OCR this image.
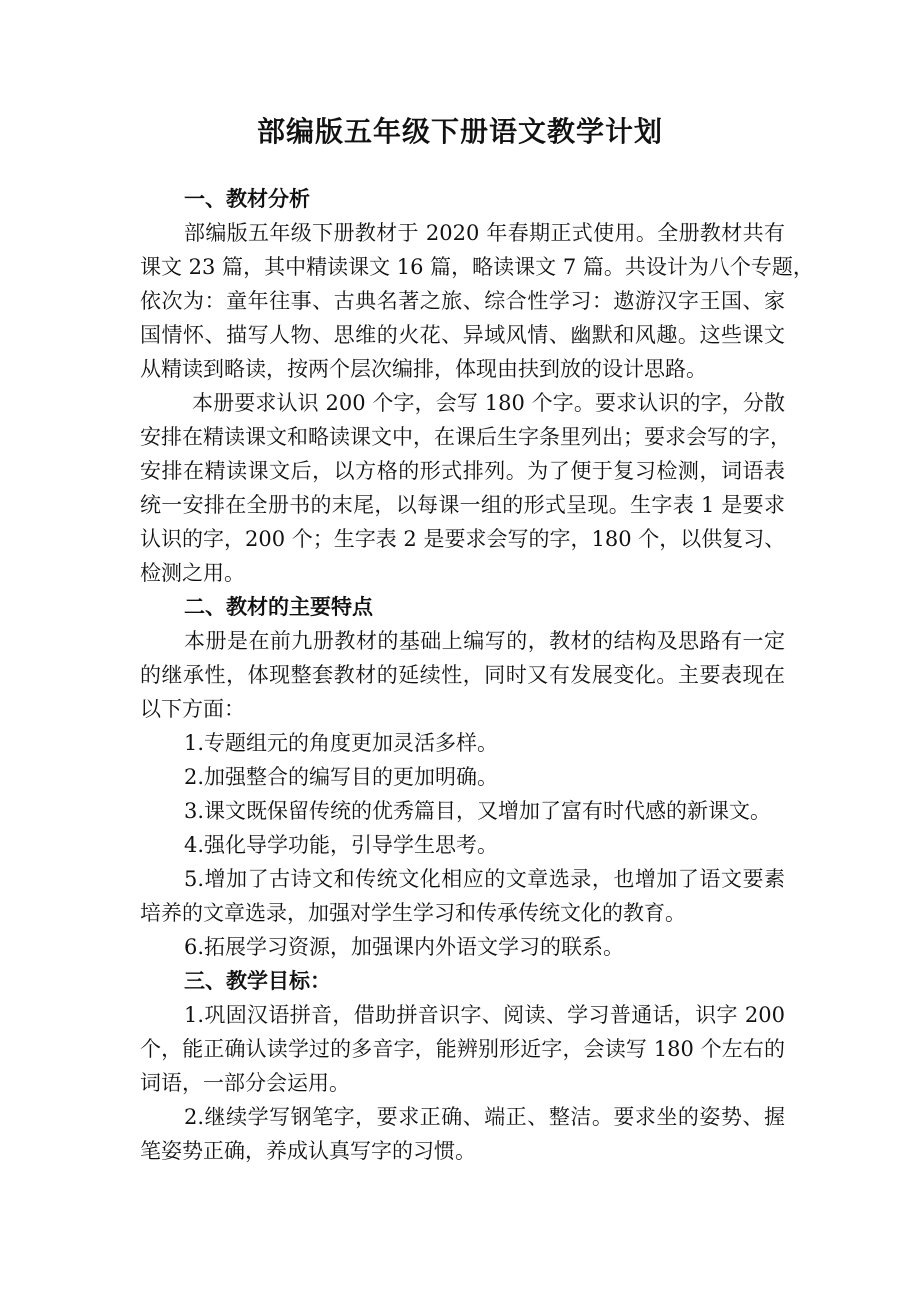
部编版五年级下册语文教学计划
一、教材分析
部编版五年级下册教材于 2020 年春期正式使用。全册教材共有
课文 23 篇，其中精读课文 16 篇，略读课文 7 篇。共设计为八个专题，
依次为：童年往事、古典名著之旅、综合性学习：遨游汉字王国、家
国情怀、描写人物、思维的火花、异域风情、幽默和风趣。这些课文
从精读到略读，按两个层次编排，体现由扶到放的设计思路。
本册要求认识 200 个字，会写 180 个字。要求认识的字，分散
安排在精读课文和略读课文中，在课后生字条里列出；要求会写的字，
安排在精读课文后，以方格的形式排列。为了便于复习检测，词语表
统一安排在全册书的末尾，以每课一组的形式呈现。生字表 1 是要求
认识的字，200 个；生字表 2 是要求会写的字，180 个，以供复习、
检测之用。
二、教材的主要特点
本册是在前九册教材的基础上编写的，教材的结构及思路有一定
的继承性，体现整套教材的延续性，同时又有发展变化。主要表现在
以下方面：
1.专题组元的角度更加灵活多样。
2.加强整合的编写目的更加明确。
3.课文既保留传统的优秀篇目，又增加了富有时代感的新课文。
4.强化导学功能，引导学生思考。
5.增加了古诗文和传统文化相应的文章选录，也增加了语文要素
培养的文章选录，加强对学生学习和传承传统文化的教育。
6.拓展学习资源，加强课内外语文学习的联系。
三、教学目标：
1.巩固汉语拼音，借助拼音识字、阅读、学习普通话，识字 200
个，能正确认读学过的多音字，能辨别形近字，会读写 180 个左右的
词语，一部分会运用。
2.继续学写钢笔字，要求正确、端正、整洁。要求坐的姿势、握
笔姿势正确，养成认真写字的习惯。
